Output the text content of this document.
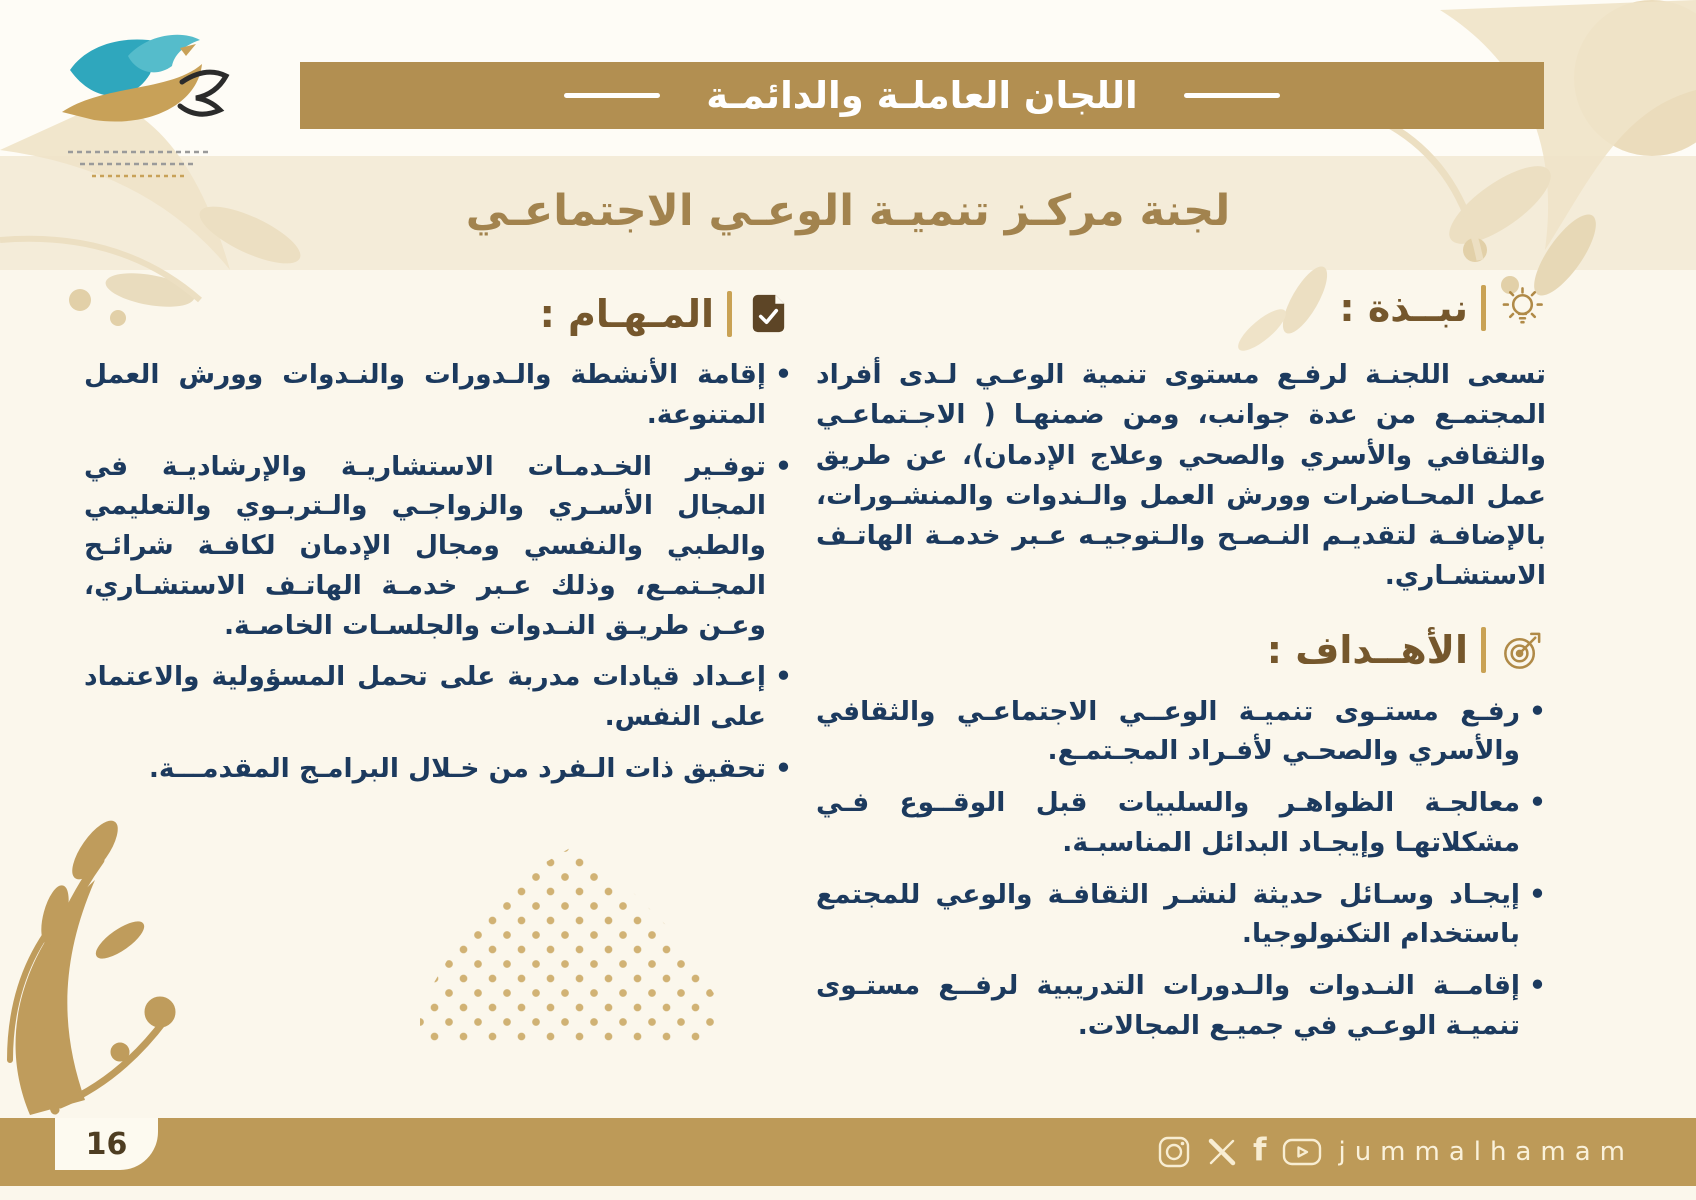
اللجان العاملـة والدائمـة
لجنة مركـز تنميـة الوعـي الاجتماعـي
نبــذة :

تسعى اللجنـة لرفـع مستوى تنمية الوعـي لـدى أفراد المجتمـع من عدة جوانب، ومن ضمنهـا ( الاجـتماعـي والثقافي والأسري والصحي وعلاج الإدمان)، عن طريق عمل المحـاضرات وورش العمل والـندوات والمنشـورات، بالإضافـة لتقديـم النـصـح والـتوجيـه عـبر خدمـة الهاتـف الاستشـاري.

الأهــداف :
• رفـع مستـوى تنميـة الوعــي الاجتماعـي والثقافي والأسري والصحـي لأفـراد المجـتمـع.
• معالجـة الظواهـر والسلبيات قبل الوقــوع فـي مشكلاتهـا وإيجـاد البدائل المناسبـة.
• إيجـاد وسـائل حديثة لنشـر الثقافـة والوعي للمجتمع باستخدام التكنولوجيا.
• إقامــة النـدوات والـدورات التدريبية لرفــع مستـوى تنميـة الوعـي في جميـع المجالات.
المـهـام :
• إقامة الأنشطة والـدورات والنـدوات وورش العمل المتنوعة.
• توفـير الخـدمـات الاستشاريـة والإرشاديـة في المجال الأسـري والزواجـي والـتربـوي والتعليمي والطبي والنفسي ومجال الإدمان لكافـة شرائـح المجـتمـع، وذلك عـبر خدمـة الهاتـف الاستشـاري، وعـن طريـق النـدوات والجلسـات الخاصـة.
• إعـداد قيادات مدربة على تحمل المسؤولية والاعتماد على النفس.
• تحقيق ذات الـفرد من خـلال البرامـج المقدمـــة.
16	f	jummalhamam
